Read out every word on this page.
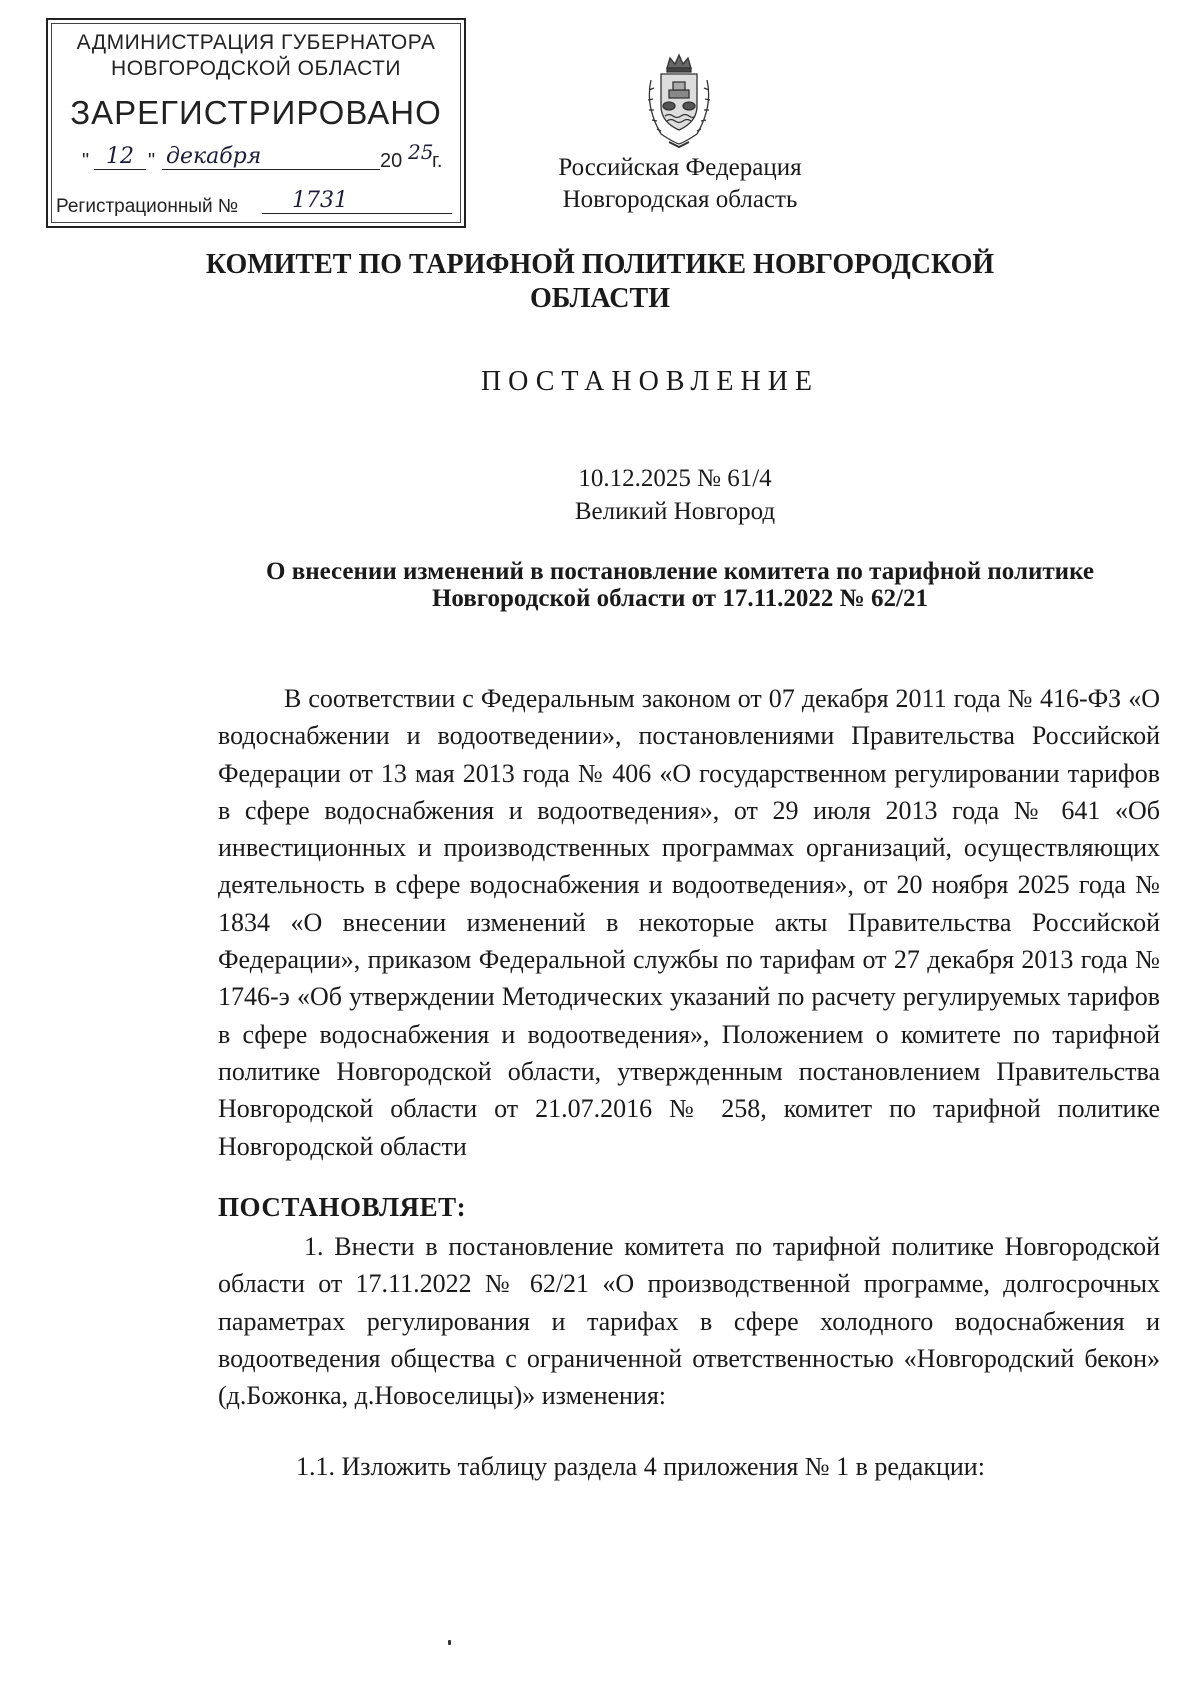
АДМИНИСТРАЦИЯ ГУБЕРНАТОРА
НОВГОРОДСКОЙ ОБЛАСТИ
ЗАРЕГИСТРИРОВАНО
" 12 " декабря	20 25
г.
Регистрационный №	1731
Российская Федерация
Новгородская область
КОМИТЕТ ПО ТАРИФНОЙ ПОЛИТИКЕ НОВГОРОДСКОЙ ОБЛАСТИ
ПОСТАНОВЛЕНИЕ
10.12.2025 № 61/4
Великий Новгород
О внесении изменений в постановление комитета по тарифной политике Новгородской области от 17.11.2022 № 62/21
В соответствии с Федеральным законом от 07 декабря 2011 года № 416-ФЗ «О водоснабжении и водоотведении», постановлениями Правительства Российской Федерации от 13 мая 2013 года № 406 «О государственном регулировании тарифов в сфере водоснабжения и водоотведения», от 29 июля 2013 года № 641 «Об инвестиционных и производственных программах организаций, осуществляющих деятельность в сфере водоснабжения и водоотведения», от 20 ноября 2025 года № 1834 «О внесении изменений в некоторые акты Правительства Российской Федерации», приказом Федеральной службы по тарифам от 27 декабря 2013 года № 1746-э «Об утверждении Методических указаний по расчету регулируемых тарифов в сфере водоснабжения и водоотведения», Положением о комитете по тарифной политике Новгородской области, утвержденным постановлением Правительства Новгородской области от 21.07.2016 № 258, комитет по тарифной политике Новгородской области
ПОСТАНОВЛЯЕТ:
1. Внести в постановление комитета по тарифной политике Новгородской области от 17.11.2022 № 62/21 «О производственной программе, долгосрочных параметрах регулирования и тарифах в сфере холодного водоснабжения и водоотведения общества с ограниченной ответственностью «Новгородский бекон» (д.Божонка, д.Новоселицы)» изменения:
1.1. Изложить таблицу раздела 4 приложения № 1 в редакции:
